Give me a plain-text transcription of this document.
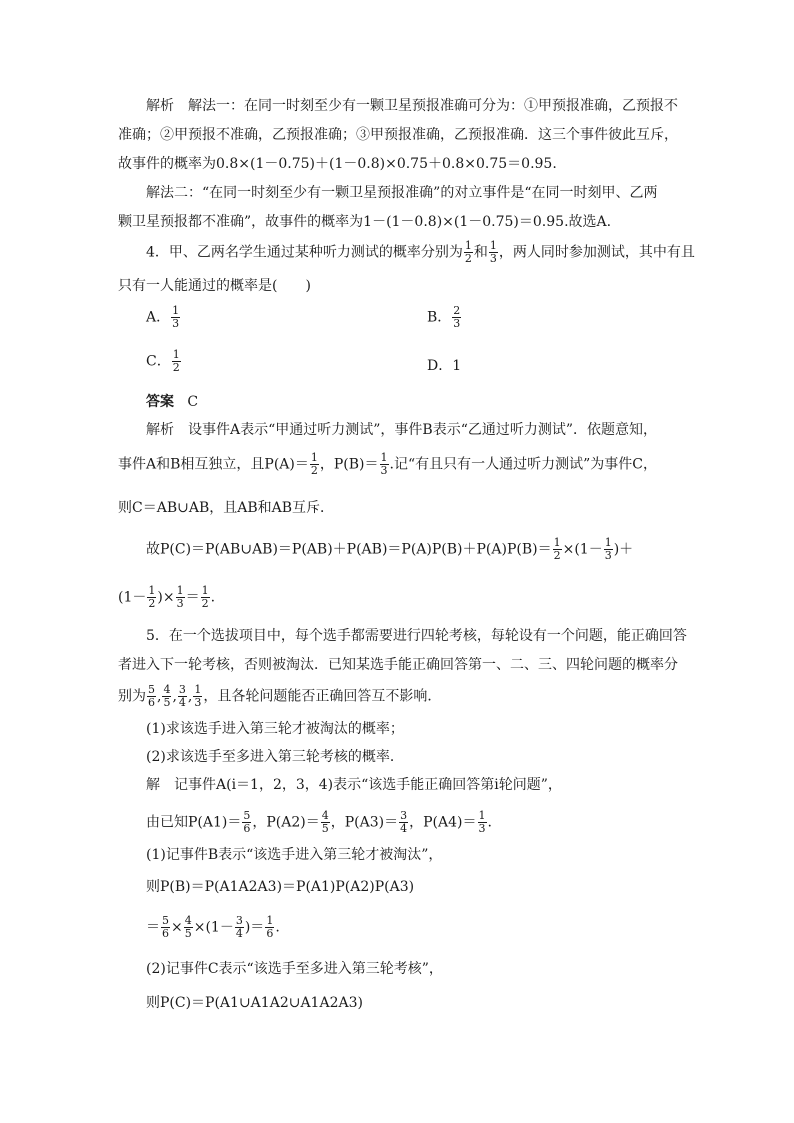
解析　解法一：在同一时刻至少有一颗卫星预报准确可分为：①甲预报准确，乙预报不
准确；②甲预报不准确，乙预报准确；③甲预报准确，乙预报准确．这三个事件彼此互斥，
故事件的概率为0.8×(1－0.75)＋(1－0.8)×0.75＋0.8×0.75＝0.95.
解法二：“在同一时刻至少有一颗卫星预报准确”的对立事件是“在同一时刻甲、乙两
颗卫星预报都不准确”，故事件的概率为1－(1－0.8)×(1－0.75)＝0.95.故选A.
4．甲、乙两名学生通过某种听力测试的概率分别为 $\frac{1}{2}$ 和 $\frac{1}{3}$ ，两人同时参加测试，其中有且
只有一人能通过的概率是(　　)
A． $\frac{1}{3}$	B． $\frac{2}{3}$
C． $\frac{1}{2}$	D．1
答案 C
解析　设事件A表示“甲通过听力测试”，事件B表示“乙通过听力测试”．依题意知，
事件A和B相互独立，且$P(A)= \frac{1}{2}$ ，$P(B)= \frac{1}{3}$ .记“有且只有一人通过听力测试”为事件C，
则C＝AB∪AB，且AB和AB互斥．
故P(C)＝P(AB∪AB)＝P(AB)＋P(AB)＝P(A)P(B)＋P(A)P(B)＝ $\frac{1}{2} \times(1- \frac{1}{3}$ )＋
($1- \frac{1}{2}$ )× $\frac{1}{3} = \frac{1}{2}$ .
5．在一个选拔项目中，每个选手都需要进行四轮考核，每轮设有一个问题，能正确回答
者进入下一轮考核，否则被淘汰．已知某选手能正确回答第一、二、三、四轮问题的概率分
别为 $\frac{5}{6}$ , $\frac{4}{5}$ , $\frac{3}{4}$ , $\frac{1}{3}$ ，且各轮问题能否正确回答互不影响．
(1)求该选手进入第三轮才被淘汰的概率；
(2)求该选手至多进入第三轮考核的概率．
解　记事件A(i＝1，2，3，4)表示“该选手能正确回答第i轮问题”，
由已知$P(A1)= \frac{5}{6}$ ，$P(A2)= \frac{4}{5}$ ，$P(A3)= \frac{3}{4}$ ，$P(A4)= \frac{1}{3}$ .
(1)记事件B表示“该选手进入第三轮才被淘汰”，
则P(B)＝P(A1A2A3)＝P(A1)P(A2)P(A3)
＝ $\frac{5}{6} \times \frac{4}{5} \times(1- \frac{3}{4}$ )＝ $\frac{1}{6}$ .
(2)记事件C表示“该选手至多进入第三轮考核”，
则P(C)＝P(A1∪A1A2∪A1A2A3)
